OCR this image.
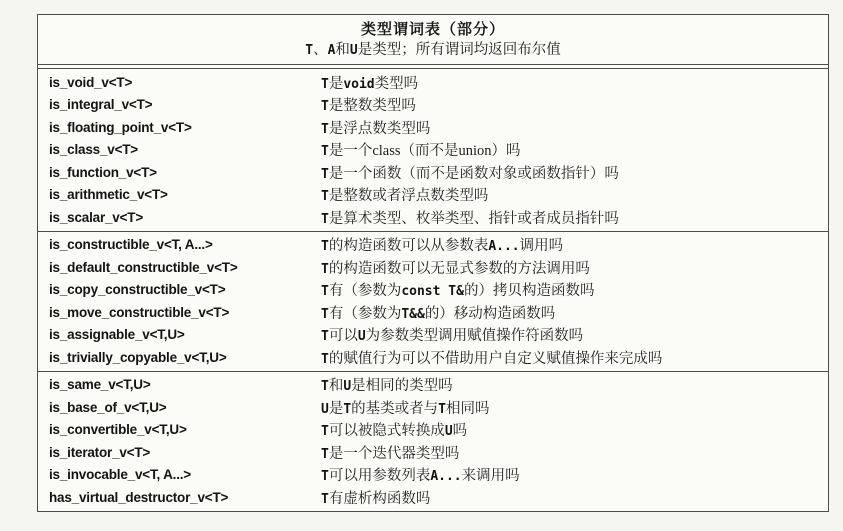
类型谓词表（部分）
T、A和U是类型；所有谓词均返回布尔值
is_void_v<T>	T是void类型吗
is_integral_v<T>	T是整数类型吗
is_floating_point_v<T>	T是浮点数类型吗
is_class_v<T>	T是一个class（而不是union）吗
is_function_v<T>	T是一个函数（而不是函数对象或函数指针）吗
is_arithmetic_v<T>	T是整数或者浮点数类型吗
is_scalar_v<T>	T是算术类型、枚举类型、指针或者成员指针吗
is_constructible_v<T, A...>	T的构造函数可以从参数表A...调用吗
is_default_constructible_v<T>	T的构造函数可以无显式参数的方法调用吗
is_copy_constructible_v<T>	T有（参数为const T&的）拷贝构造函数吗
is_move_constructible_v<T>	T有（参数为T&&的）移动构造函数吗
is_assignable_v<T,U>	T可以U为参数类型调用赋值操作符函数吗
is_trivially_copyable_v<T,U>	T的赋值行为可以不借助用户自定义赋值操作来完成吗
is_same_v<T,U>	T和U是相同的类型吗
is_base_of_v<T,U>	U是T的基类或者与T相同吗
is_convertible_v<T,U>	T可以被隐式转换成U吗
is_iterator_v<T>	T是一个迭代器类型吗
is_invocable_v<T, A...>	T可以用参数列表A...来调用吗
has_virtual_destructor_v<T>	T有虚析构函数吗
